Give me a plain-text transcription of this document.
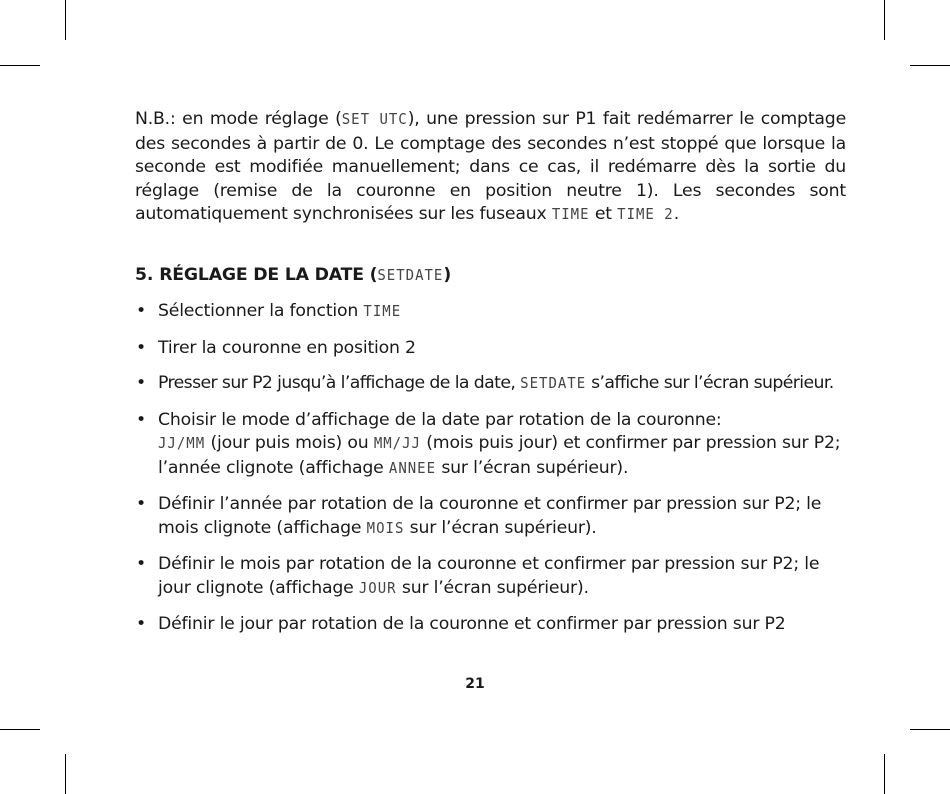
N.B.: en mode réglage (SET UTC), une pression sur P1 fait redémarrer le comptage des secondes à partir de 0. Le comptage des secondes n’est stoppé que lorsque la seconde est modifiée manuellement; dans ce cas, il redémarre dès la sortie du réglage (remise de la couronne en position neutre 1). Les secondes sont automatiquement synchronisées sur les fuseaux TIME et TIME 2.

5. RÉGLAGE DE LA DATE (SETDATE)
• Sélectionner la fonction TIME
• Tirer la couronne en position 2
• Presser sur P2 jusqu’à l’affichage de la date, SETDATE s’affiche sur l’écran supérieur.
• Choisir le mode d’affichage de la date par rotation de la couronne:
JJ/MM (jour puis mois) ou MM/JJ (mois puis jour) et confirmer par pression sur P2; l’année clignote (affichage ANNEE sur l’écran supérieur).
• Définir l’année par rotation de la couronne et confirmer par pression sur P2; le mois clignote (affichage MOIS sur l’écran supérieur).
• Définir le mois par rotation de la couronne et confirmer par pression sur P2; le jour clignote (affichage JOUR sur l’écran supérieur).
• Définir le jour par rotation de la couronne et confirmer par pression sur P2
21
